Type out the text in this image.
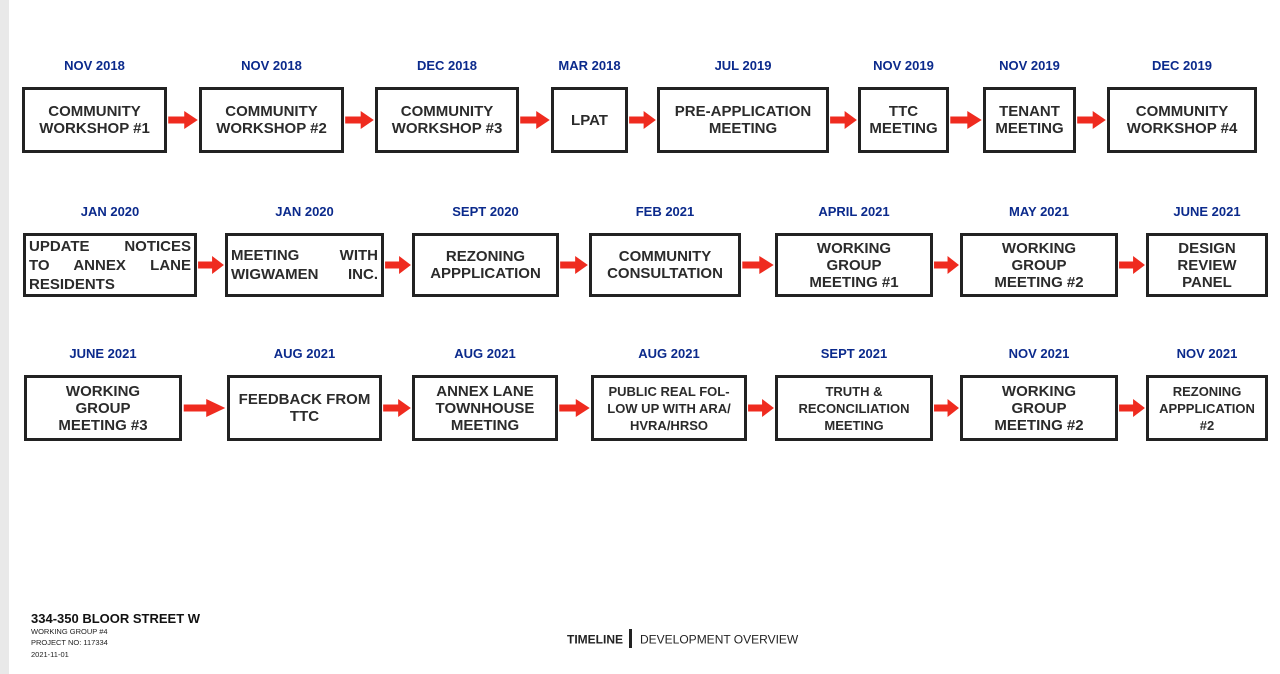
NOV 2018
COMMUNITY
WORKSHOP #1
NOV 2018
COMMUNITY
WORKSHOP #2
DEC 2018
COMMUNITY
WORKSHOP #3
MAR 2018
LPAT
JUL 2019
PRE-APPLICATION
MEETING
NOV 2019
TTC
MEETING
NOV 2019
TENANT
MEETING
DEC 2019
COMMUNITY
WORKSHOP #4
JAN 2020
UPDATE NOTICES
TO ANNEX LANE
RESIDENTS
JAN 2020
MEETING WITH
WIGWAMEN INC.
SEPT 2020
REZONING
APPPLICATION
FEB 2021
COMMUNITY
CONSULTATION
APRIL 2021
WORKING
GROUP
MEETING #1
MAY 2021
WORKING
GROUP
MEETING #2
JUNE 2021
DESIGN
REVIEW
PANEL
JUNE 2021
WORKING
GROUP
MEETING #3
AUG 2021
FEEDBACK FROM
TTC
AUG 2021
ANNEX LANE
TOWNHOUSE
MEETING
AUG 2021
PUBLIC REAL FOL-
LOW UP WITH ARA/
HVRA/HRSO
SEPT 2021
TRUTH &
RECONCILIATION
MEETING
NOV 2021
WORKING
GROUP
MEETING #2
NOV 2021
REZONING
APPPLICATION
#2
334-350 BLOOR STREET W
WORKING GROUP #4
PROJECT NO: 117334
2021-11-01
TIMELINE DEVELOPMENT OVERVIEW
